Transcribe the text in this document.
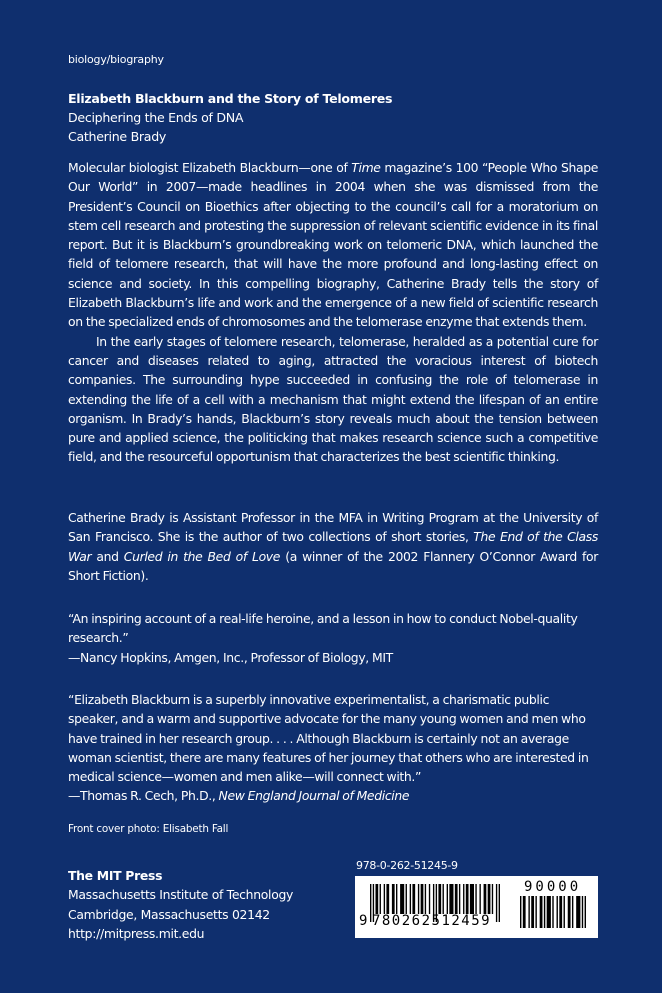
biology/biography
Elizabeth Blackburn and the Story of Telomeres
Deciphering the Ends of DNA
Catherine Brady

Molecular biologist Elizabeth Blackburn—one of Time magazine’s 100 “People Who Shape Our World” in 2007—made headlines in 2004 when she was dismissed from the President’s Council on Bioethics after objecting to the council’s call for a moratorium on stem cell research and protesting the suppression of relevant scientific evidence in its final report. But it is Blackburn’s groundbreaking work on telomeric DNA, which launched the field of telomere research, that will have the more profound and long-lasting effect on science and society. In this compelling biography, Catherine Brady tells the story of Elizabeth Blackburn’s life and work and the emergence of a new field of scientific research on the specialized ends of chromosomes and the telomerase enzyme that extends them.

In the early stages of telomere research, telomerase, heralded as a potential cure for cancer and diseases related to aging, attracted the voracious interest of biotech companies. The surrounding hype succeeded in confusing the role of telomerase in extending the life of a cell with a mechanism that might extend the lifespan of an entire organism. In Brady’s hands, Blackburn’s story reveals much about the tension between pure and applied science, the politicking that makes research science such a competitive field, and the resourceful opportunism that characterizes the best scientific thinking.

Catherine Brady is Assistant Professor in the MFA in Writing Program at the University of San Francisco. She is the author of two collections of short stories, The End of the Class War and Curled in the Bed of Love (a winner of the 2002 Flannery O’Connor Award for Short Fiction).

“An inspiring account of a real-life heroine, and a lesson in how to conduct Nobel-quality research.”

—Nancy Hopkins, Amgen, Inc., Professor of Biology, MIT

“Elizabeth Blackburn is a superbly innovative experimentalist, a charismatic public speaker, and a warm and supportive advocate for the many young women and men who have trained in her research group. . . . Although Blackburn is certainly not an average woman scientist, there are many features of her journey that others who are interested in medical science—women and men alike—will connect with.”

—Thomas R. Cech, Ph.D., New England Journal of Medicine

Front cover photo: Elisabeth Fall
The MIT Press
Massachusetts Institute of Technology
Cambridge, Massachusetts 02142
http://mitpress.mit.edu
978-0-262-51245-9
9 780262512459
90000
